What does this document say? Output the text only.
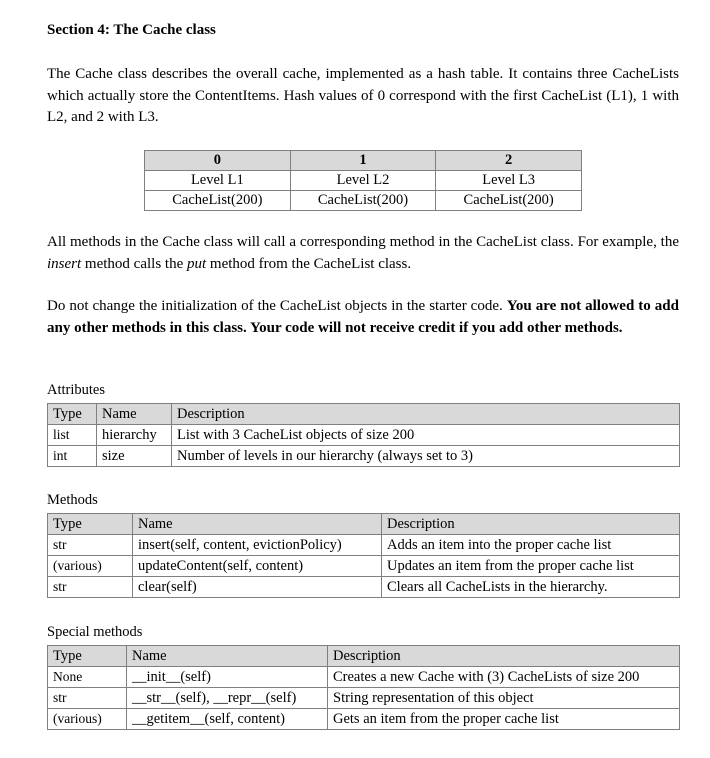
Section 4: The Cache class
The Cache class describes the overall cache, implemented as a hash table. It contains three CacheLists which actually store the ContentItems. Hash values of 0 correspond with the first CacheList (L1), 1 with L2, and 2 with L3.
0	1	2
Level L1	Level L2	Level L3
CacheList(200)	CacheList(200)	CacheList(200)
All methods in the Cache class will call a corresponding method in the CacheList class. For example, the insert method calls the put method from the CacheList class.
Do not change the initialization of the CacheList objects in the starter code. You are not allowed to add any other methods in this class. Your code will not receive credit if you add other methods.
Attributes
Type	Name	Description
list	hierarchy	List with 3 CacheList objects of size 200
int	size	Number of levels in our hierarchy (always set to 3)
Methods
Type	Name	Description
str	insert(self, content, evictionPolicy)	Adds an item into the proper cache list
(various)	updateContent(self, content)	Updates an item from the proper cache list
str	clear(self)	Clears all CacheLists in the hierarchy.
Special methods
Type	Name	Description
None	__init__(self)	Creates a new Cache with (3) CacheLists of size 200
str	__str__(self), __repr__(self)	String representation of this object
(various)	__getitem__(self, content)	Gets an item from the proper cache list
